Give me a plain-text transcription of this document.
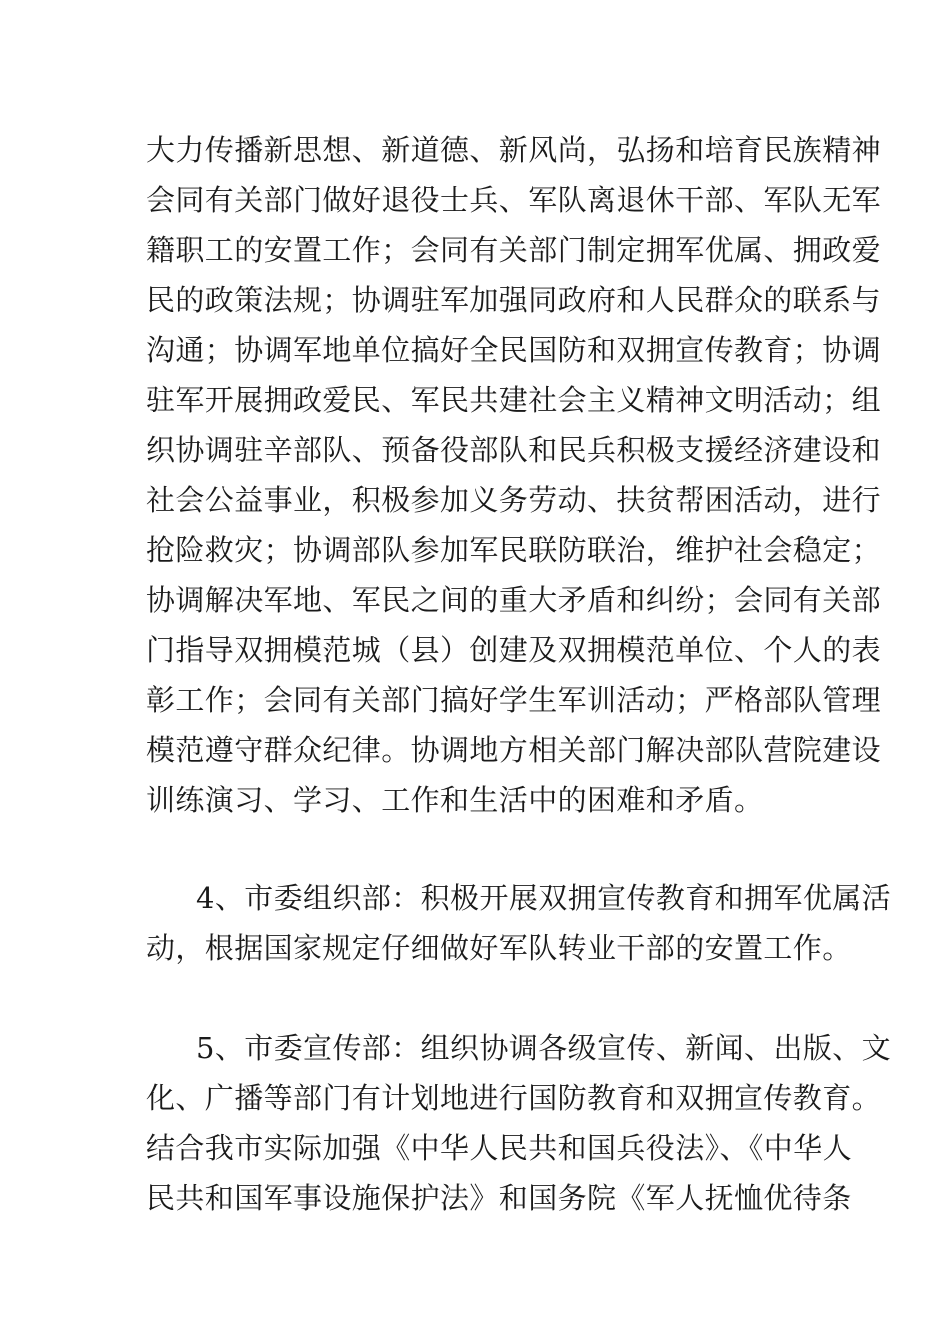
大力传播新思想、新道德、新风尚，弘扬和培育民族精神
会同有关部门做好退役士兵、军队离退休干部、军队无军
籍职工的安置工作；会同有关部门制定拥军优属、拥政爱
民的政策法规；协调驻军加强同政府和人民群众的联系与
沟通；协调军地单位搞好全民国防和双拥宣传教育；协调
驻军开展拥政爱民、军民共建社会主义精神文明活动；组
织协调驻辛部队、预备役部队和民兵积极支援经济建设和
社会公益事业，积极参加义务劳动、扶贫帮困活动，进行
抢险救灾；协调部队参加军民联防联治，维护社会稳定；
协调解决军地、军民之间的重大矛盾和纠纷；会同有关部
门指导双拥模范城（县）创建及双拥模范单位、个人的表
彰工作；会同有关部门搞好学生军训活动；严格部队管理
模范遵守群众纪律。协调地方相关部门解决部队营院建设
训练演习、学习、工作和生活中的困难和矛盾。
4、市委组织部：积极开展双拥宣传教育和拥军优属活
动，根据国家规定仔细做好军队转业干部的安置工作。
5、市委宣传部：组织协调各级宣传、新闻、出版、文
化、广播等部门有计划地进行国防教育和双拥宣传教育。
结合我市实际加强《中华人民共和国兵役法》、《中华人
民共和国军事设施保护法》和国务院《军人抚恤优待条
